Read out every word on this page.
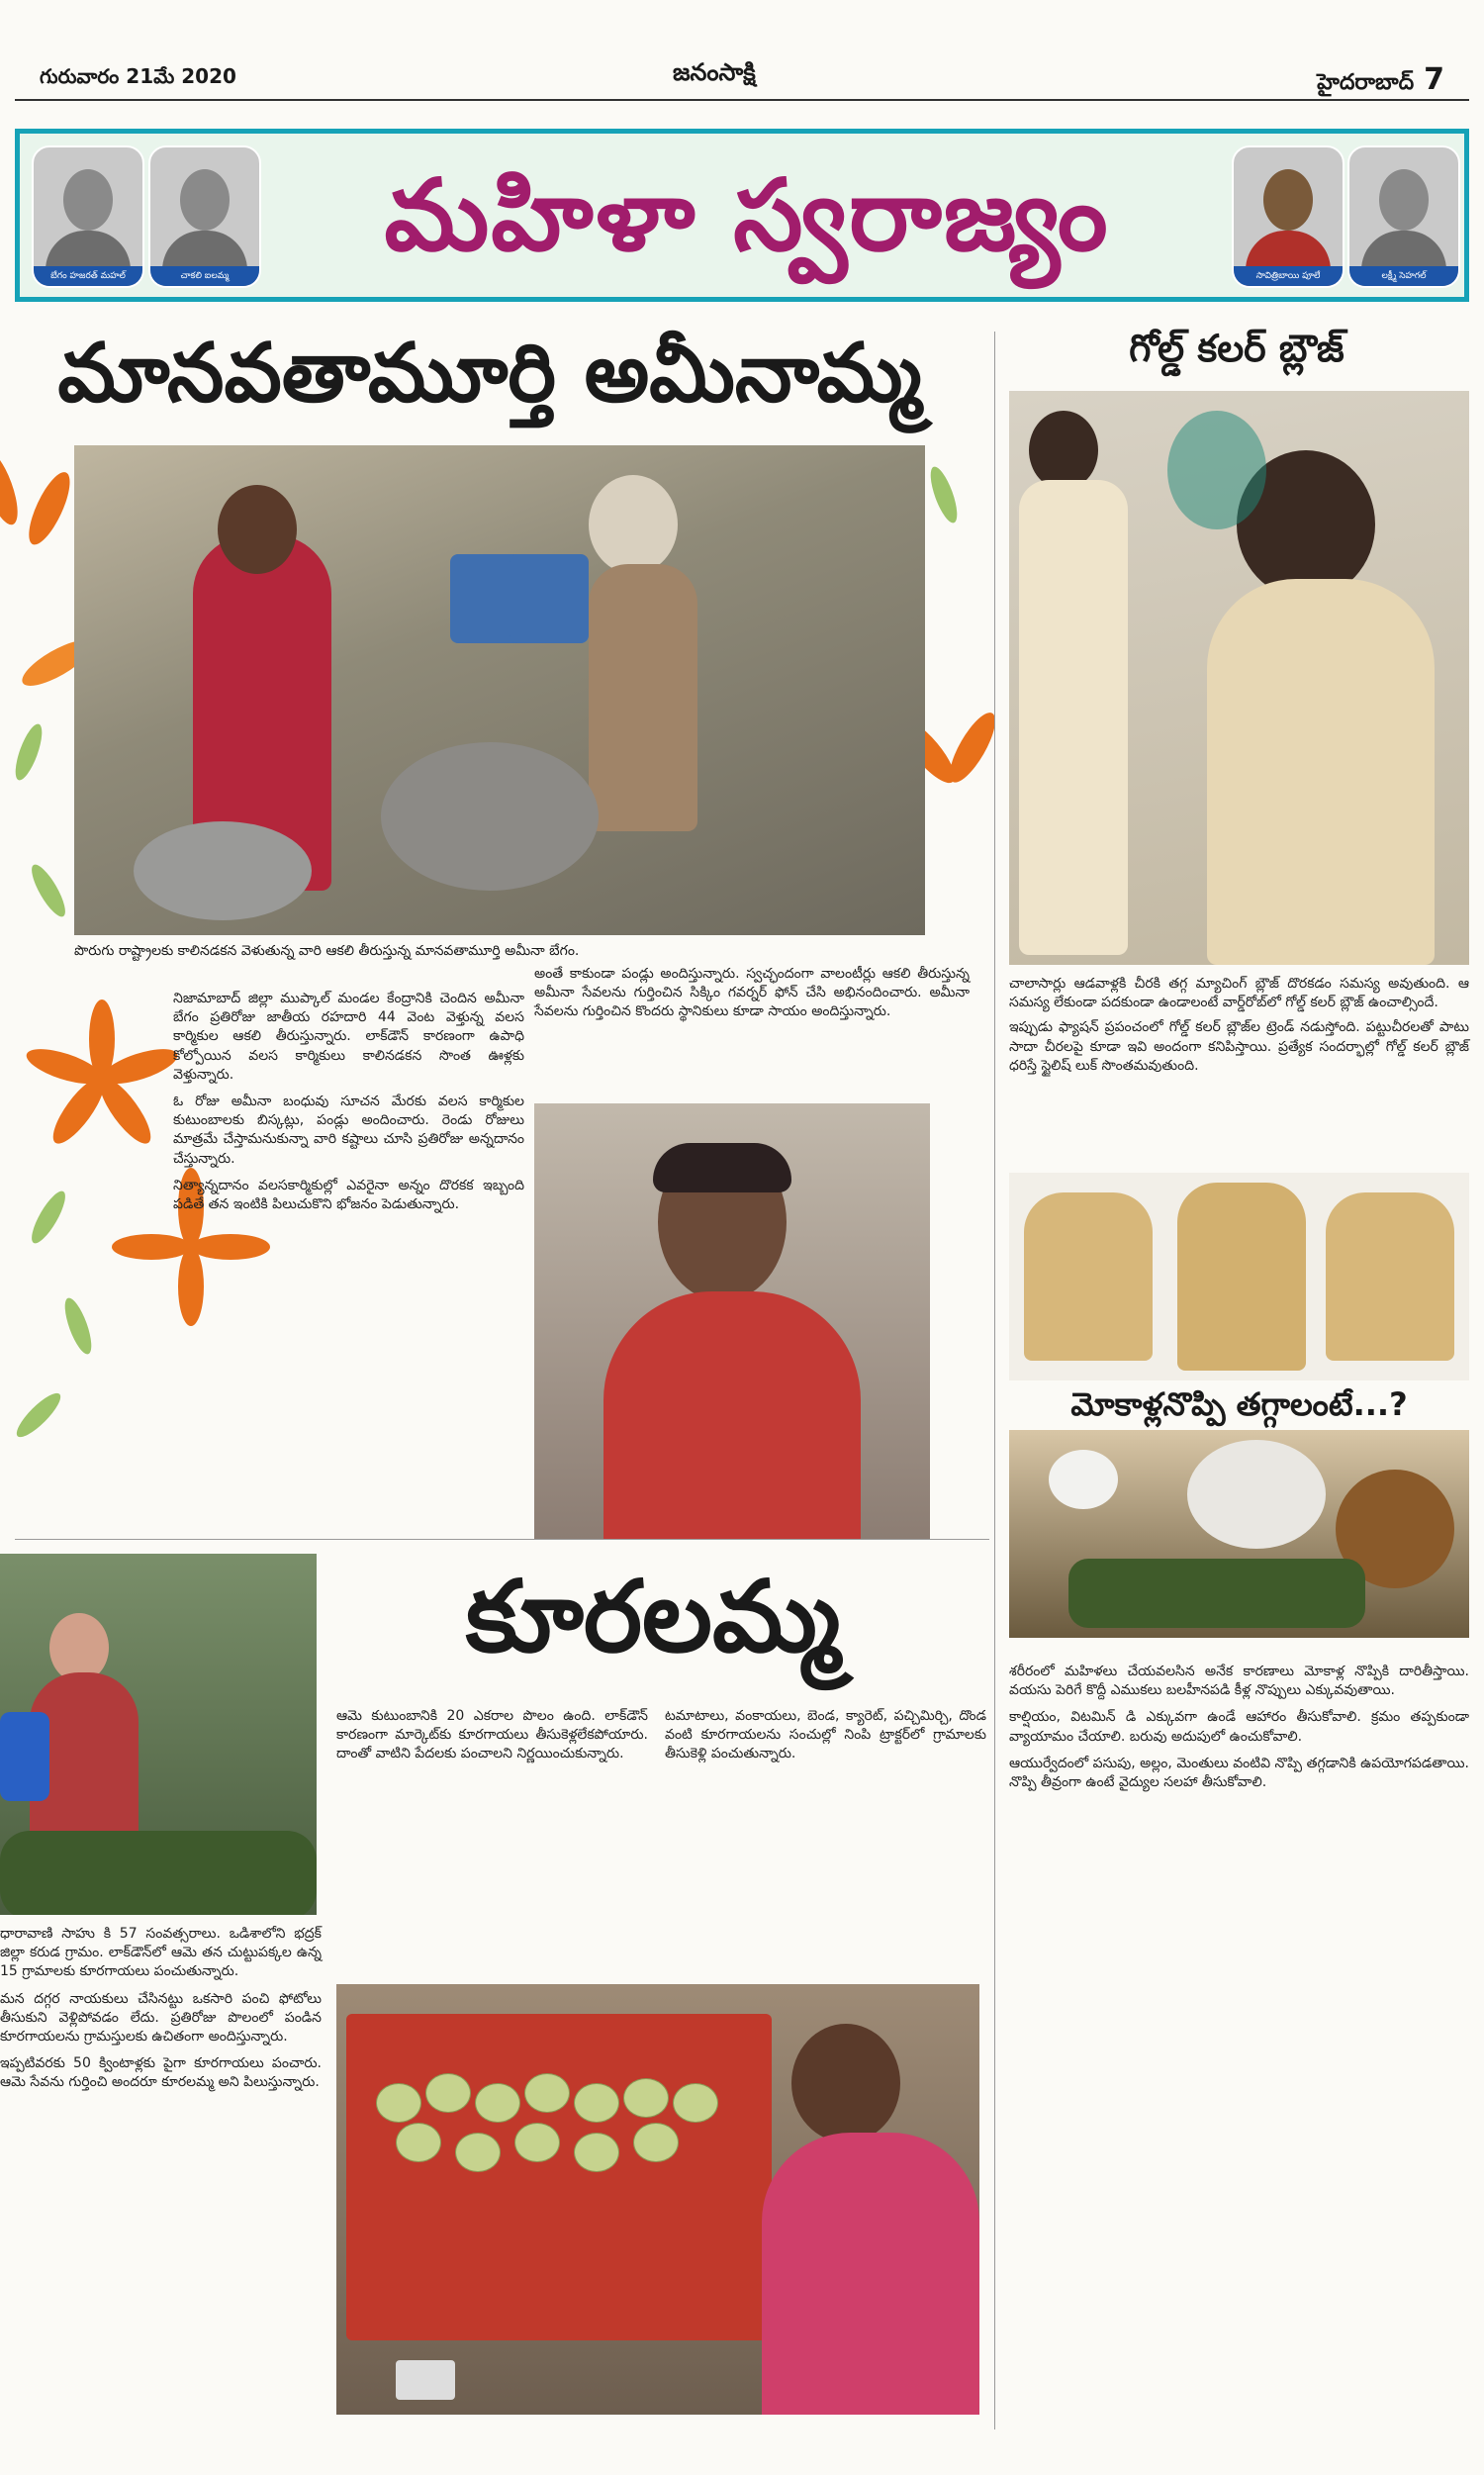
గురువారం 21మే 2020	జనంసాక్షి	హైదరాబాద్ 7
బేగం హజరత్ మహల్	చాకలి ఐలమ్మ
మహిళా స్వరాజ్యం
సావిత్రిబాయి పూలే	లక్ష్మీ సెహగల్
మానవతామూర్తి అమీనామ్మ
పొరుగు రాష్ట్రాలకు కాలినడకన వెళుతున్న వారి ఆకలి తీరుస్తున్న మానవతామూర్తి అమీనా బేగం.

నిజామాబాద్ జిల్లా ముప్కాల్ మండల కేంద్రానికి చెందిన అమీనా బేగం ప్రతిరోజు జాతీయ రహదారి 44 వెంట వెళ్తున్న వలస కార్మికుల ఆకలి తీరుస్తున్నారు. లాక్‌డౌన్ కారణంగా ఉపాధి కోల్పోయిన వలస కార్మికులు కాలినడకన సొంత ఊళ్లకు వెళ్తున్నారు.

ఓ రోజు అమీనా బంధువు సూచన మేరకు వలస కార్మికుల కుటుంబాలకు బిస్కట్లు, పండ్లు అందించారు. రెండు రోజులు మాత్రమే చేస్తామనుకున్నా వారి కష్టాలు చూసి ప్రతిరోజు అన్నదానం చేస్తున్నారు.

నిత్యాన్నదానం వలసకార్మికుల్లో ఎవరైనా అన్నం దొరకక ఇబ్బంది పడితే తన ఇంటికి పిలుచుకొని భోజనం పెడుతున్నారు.

అంతే కాకుండా పండ్లు అందిస్తున్నారు. స్వచ్ఛందంగా వాలంటీర్లు ఆకలి తీరుస్తున్న అమీనా సేవలను గుర్తించిన సిక్కిం గవర్నర్ ఫోన్ చేసి అభినందించారు. అమీనా సేవలను గుర్తించిన కొందరు స్థానికులు కూడా సాయం అందిస్తున్నారు.

గోల్డ్ కలర్ బ్లౌజ్

చాలాసార్లు ఆడవాళ్లకి చీరకి తగ్గ మ్యాచింగ్ బ్లౌజ్ దొరకడం సమస్య అవుతుంది. ఆ సమస్య లేకుండా పదకుండా ఉండాలంటే వార్డ్‌రోబ్‌లో గోల్డ్ కలర్ బ్లౌజ్ ఉంచాల్సిందే.

ఇప్పుడు ఫ్యాషన్ ప్రపంచంలో గోల్డ్ కలర్ బ్లౌజ్‌ల ట్రెండ్ నడుస్తోంది. పట్టుచీరలతో పాటు సాదా చీరలపై కూడా ఇవి అందంగా కనిపిస్తాయి. ప్రత్యేక సందర్భాల్లో గోల్డ్ కలర్ బ్లౌజ్ ధరిస్తే స్టైలిష్ లుక్ సొంతమవుతుంది.

మోకాళ్లనొప్పి తగ్గాలంటే...?

శరీరంలో మహిళలు చేయవలసిన అనేక కారణాలు మోకాళ్ల నొప్పికి దారితీస్తాయి. వయసు పెరిగే కొద్దీ ఎముకలు బలహీనపడి కీళ్ల నొప్పులు ఎక్కువవుతాయి.

కాల్షియం, విటమిన్ డి ఎక్కువగా ఉండే ఆహారం తీసుకోవాలి. క్రమం తప్పకుండా వ్యాయామం చేయాలి. బరువు అదుపులో ఉంచుకోవాలి.

ఆయుర్వేదంలో పసుపు, అల్లం, మెంతులు వంటివి నొప్పి తగ్గడానికి ఉపయోగపడతాయి. నొప్పి తీవ్రంగా ఉంటే వైద్యుల సలహా తీసుకోవాలి.

కూరలమ్మ

ధారావాణి సాహు కి 57 సంవత్సరాలు. ఒడిశాలోని భద్రక్ జిల్లా కరుడ గ్రామం. లాక్‌డౌన్‌లో ఆమె తన చుట్టుపక్కల ఉన్న 15 గ్రామాలకు కూరగాయలు పంచుతున్నారు.

మన దగ్గర నాయకులు చేసినట్టు ఒకసారి పంచి ఫోటోలు తీసుకుని వెళ్లిపోవడం లేదు. ప్రతిరోజు పొలంలో పండిన కూరగాయలను గ్రామస్తులకు ఉచితంగా అందిస్తున్నారు.

ఇప్పటివరకు 50 క్వింటాళ్లకు పైగా కూరగాయలు పంచారు. ఆమె సేవను గుర్తించి అందరూ కూరలమ్మ అని పిలుస్తున్నారు.

ఆమె కుటుంబానికి 20 ఎకరాల పొలం ఉంది. లాక్‌డౌన్ కారణంగా మార్కెట్‌కు కూరగాయలు తీసుకెళ్లలేకపోయారు. దాంతో వాటిని పేదలకు పంచాలని నిర్ణయించుకున్నారు.

టమాటాలు, వంకాయలు, బెండ, క్యారెట్, పచ్చిమిర్చి, దొండ వంటి కూరగాయలను సంచుల్లో నింపి ట్రాక్టర్‌లో గ్రామాలకు తీసుకెళ్లి పంచుతున్నారు.
